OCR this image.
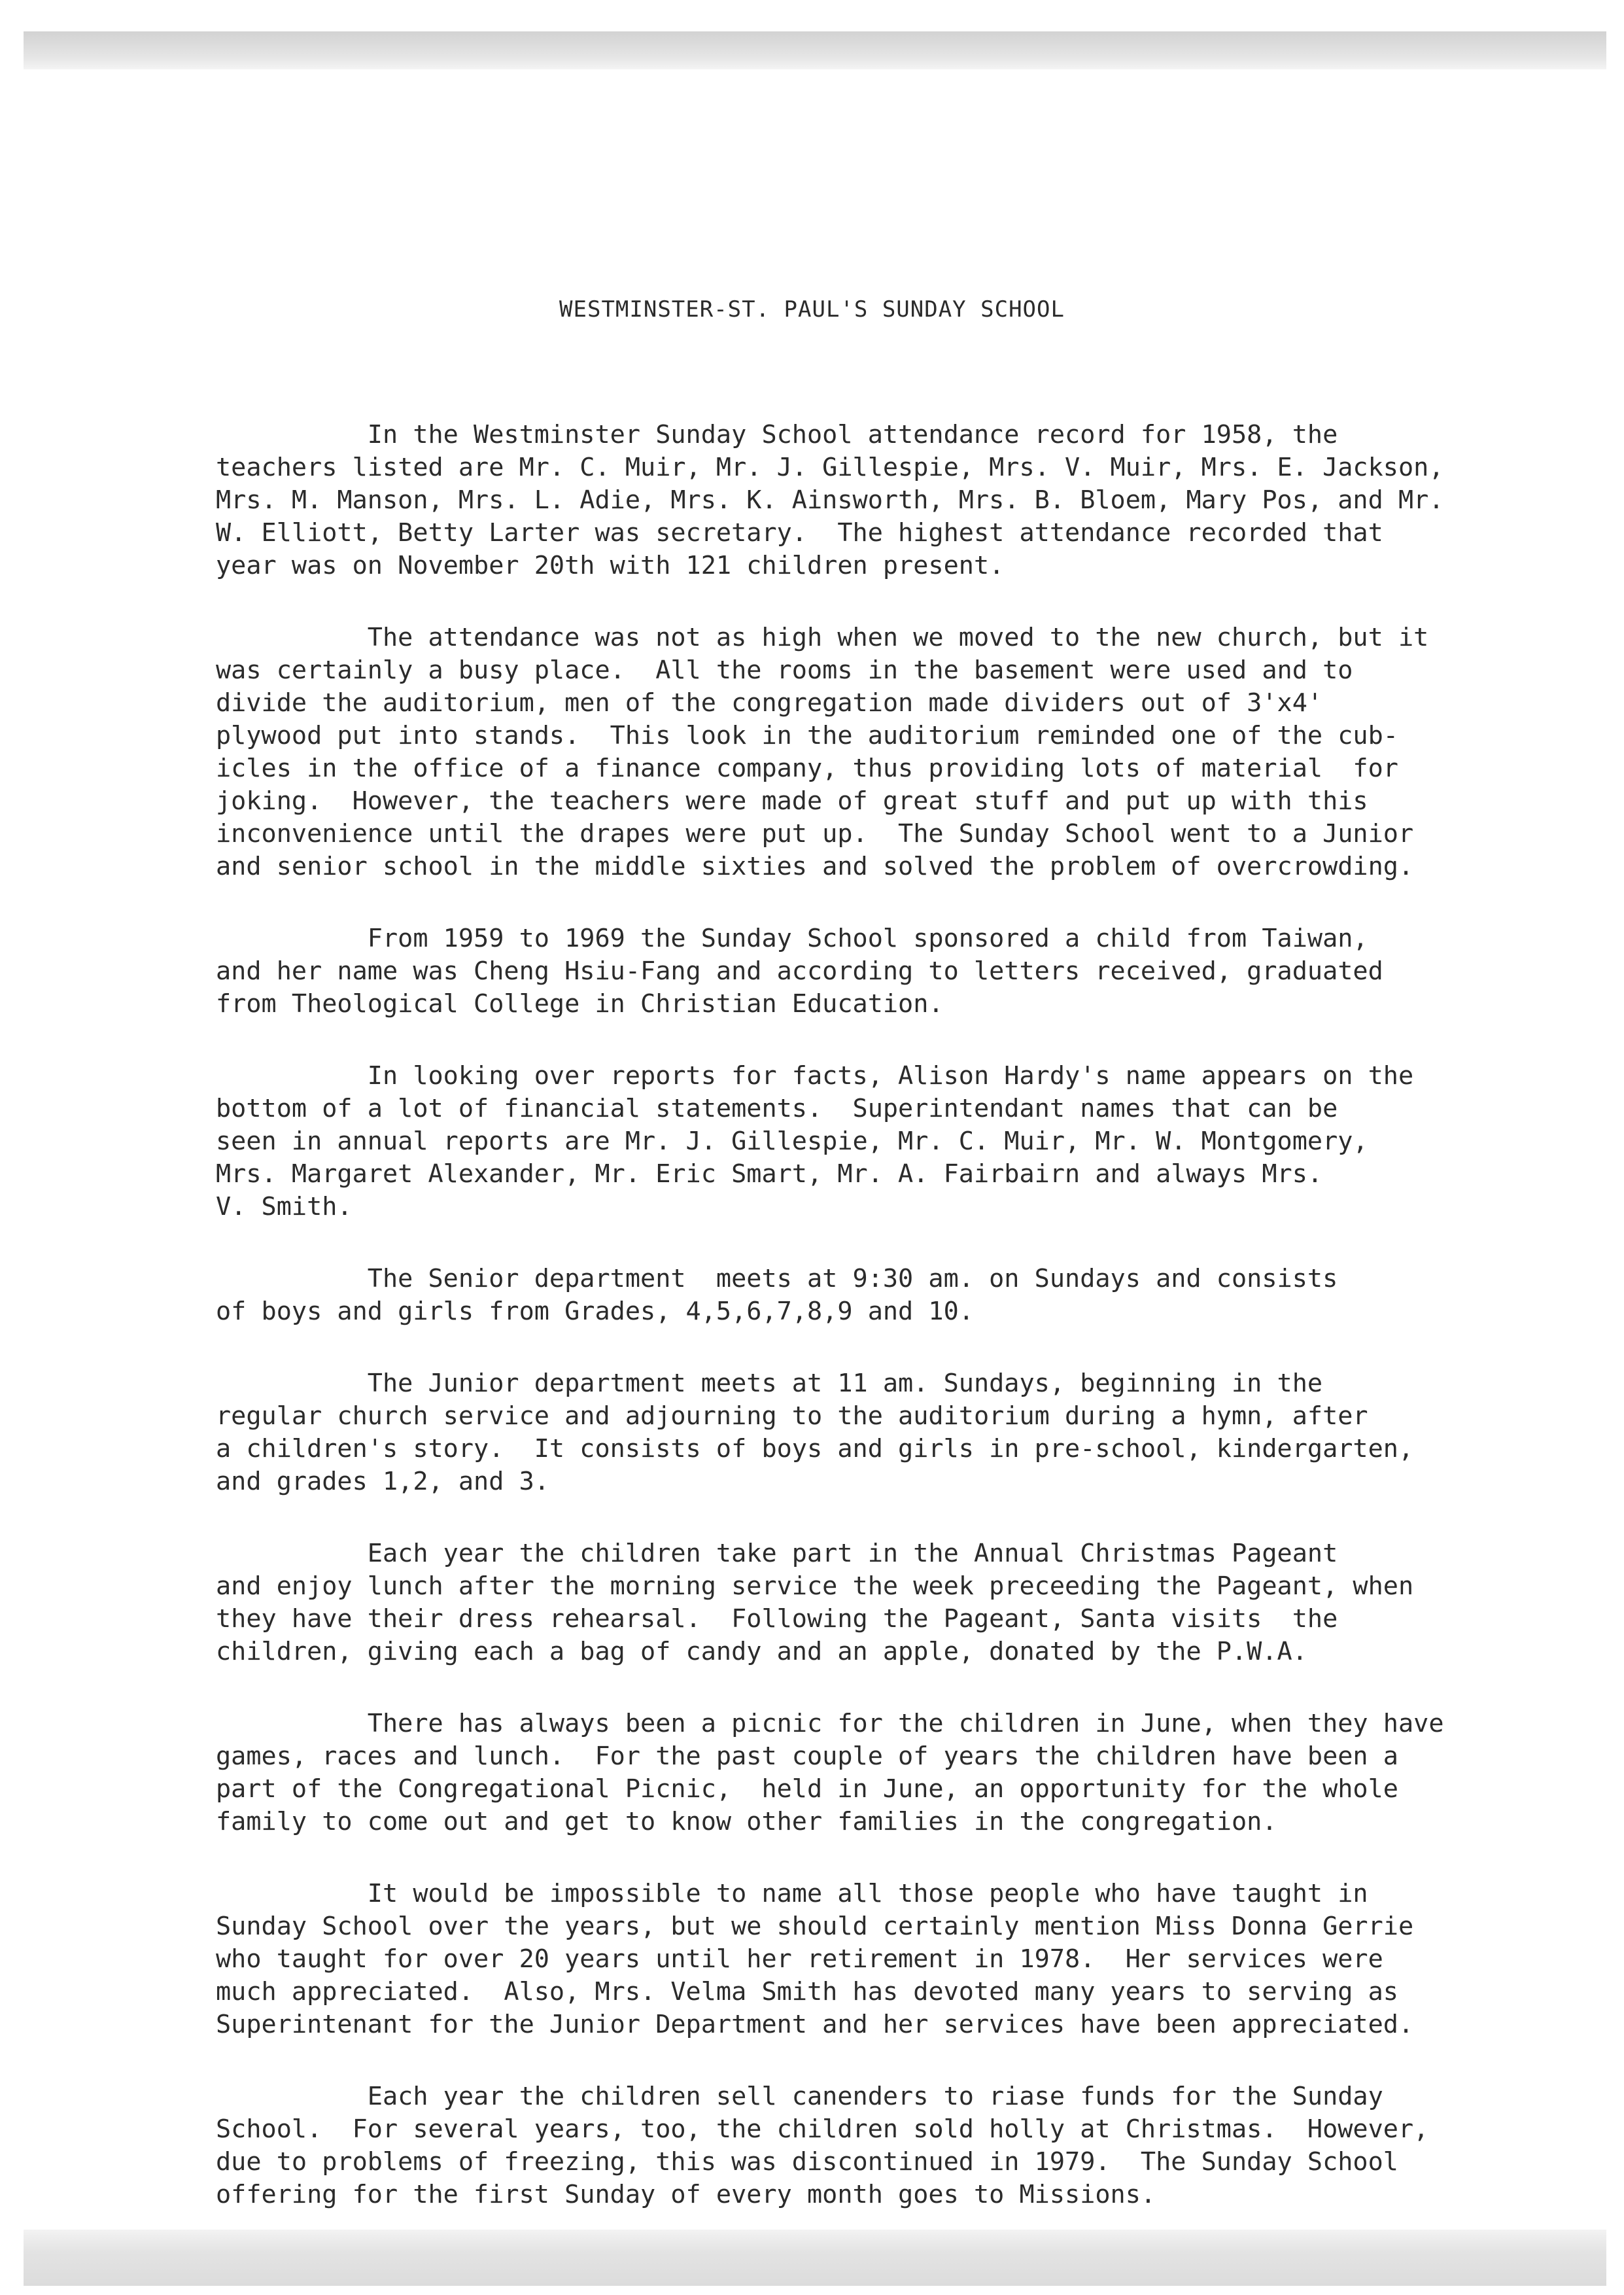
WESTMINSTER-ST. PAUL'S SUNDAY SCHOOL

In the Westminster Sunday School attendance record for 1958, the
teachers listed are Mr. C. Muir, Mr. J. Gillespie, Mrs. V. Muir, Mrs. E. Jackson,
Mrs. M. Manson, Mrs. L. Adie, Mrs. K. Ainsworth, Mrs. B. Bloem, Mary Pos, and Mr.
W. Elliott, Betty Larter was secretary.  The highest attendance recorded that
year was on November 20th with 121 children present.

The attendance was not as high when we moved to the new church, but it
was certainly a busy place.  All the rooms in the basement were used and to
divide the auditorium, men of the congregation made dividers out of 3'x4'
plywood put into stands.  This look in the auditorium reminded one of the cub-
icles in the office of a finance company, thus providing lots of material  for
joking.  However, the teachers were made of great stuff and put up with this
inconvenience until the drapes were put up.  The Sunday School went to a Junior
and senior school in the middle sixties and solved the problem of overcrowding.

From 1959 to 1969 the Sunday School sponsored a child from Taiwan,
and her name was Cheng Hsiu-Fang and according to letters received, graduated
from Theological College in Christian Education.

In looking over reports for facts, Alison Hardy's name appears on the
bottom of a lot of financial statements.  Superintendant names that can be
seen in annual reports are Mr. J. Gillespie, Mr. C. Muir, Mr. W. Montgomery,
Mrs. Margaret Alexander, Mr. Eric Smart, Mr. A. Fairbairn and always Mrs.
V. Smith.

The Senior department  meets at 9:30 am. on Sundays and consists
of boys and girls from Grades, 4,5,6,7,8,9 and 10.

The Junior department meets at 11 am. Sundays, beginning in the
regular church service and adjourning to the auditorium during a hymn, after
a children's story.  It consists of boys and girls in pre-school, kindergarten,
and grades 1,2, and 3.

Each year the children take part in the Annual Christmas Pageant
and enjoy lunch after the morning service the week preceeding the Pageant, when
they have their dress rehearsal.  Following the Pageant, Santa visits  the
children, giving each a bag of candy and an apple, donated by the P.W.A.

There has always been a picnic for the children in June, when they have
games, races and lunch.  For the past couple of years the children have been a
part of the Congregational Picnic,  held in June, an opportunity for the whole
family to come out and get to know other families in the congregation.

It would be impossible to name all those people who have taught in
Sunday School over the years, but we should certainly mention Miss Donna Gerrie
who taught for over 20 years until her retirement in 1978.  Her services were
much appreciated.  Also, Mrs. Velma Smith has devoted many years to serving as
Superintenant for the Junior Department and her services have been appreciated.

Each year the children sell canenders to riase funds for the Sunday
School.  For several years, too, the children sold holly at Christmas.  However,
due to problems of freezing, this was discontinued in 1979.  The Sunday School
offering for the first Sunday of every month goes to Missions.
